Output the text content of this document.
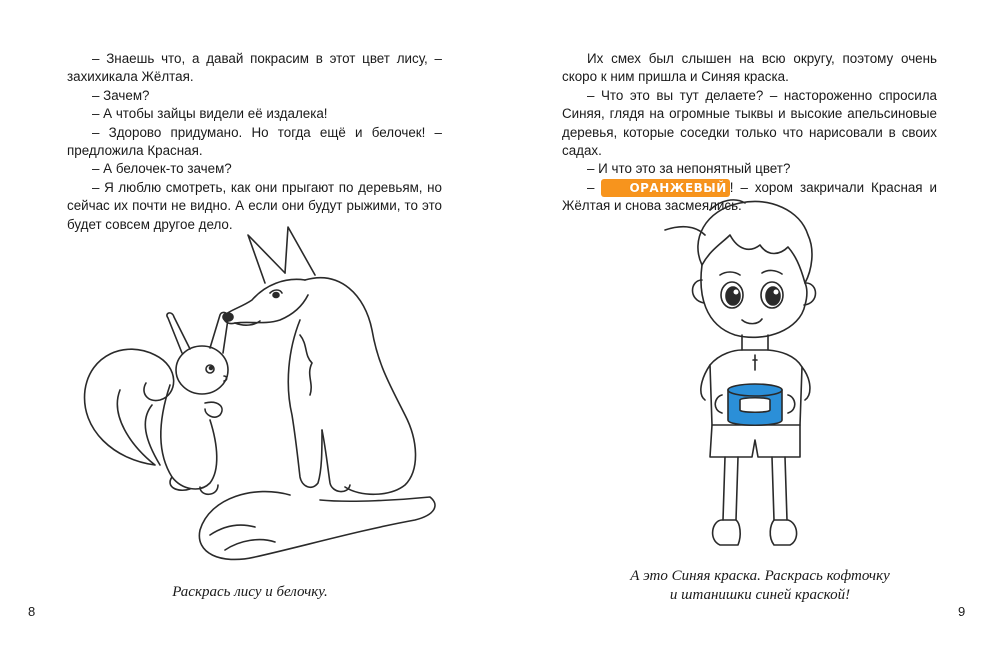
– Знаешь что, а давай покрасим в этот цвет лису, – захихикала Жёлтая.

– Зачем?

– А чтобы зайцы видели её издалека!

– Здорово придумано. Но тогда ещё и белочек! – предложила Красная.

– А белочек-то зачем?

– Я люблю смотреть, как они прыгают по деревьям, но сейчас их почти не видно. А если они будут рыжими, то это будет совсем другое дело.

Раскрась лису и белочку.
8

Их смех был слышен на всю округу, поэтому очень скоро к ним пришла и Синяя краска.

– Что это вы тут делаете? – настороженно спросила Синяя, глядя на огромные тыквы и высокие апельсиновые деревья, которые соседки только что нарисовали в своих садах.

– И что это за непонятный цвет?

– ОРАНЖЕВЫЙ ! – хором закричали Красная и Жёлтая и снова засмеялись.

А это Синяя краска. Раскрась кофточку
и штанишки синей краской!
9
